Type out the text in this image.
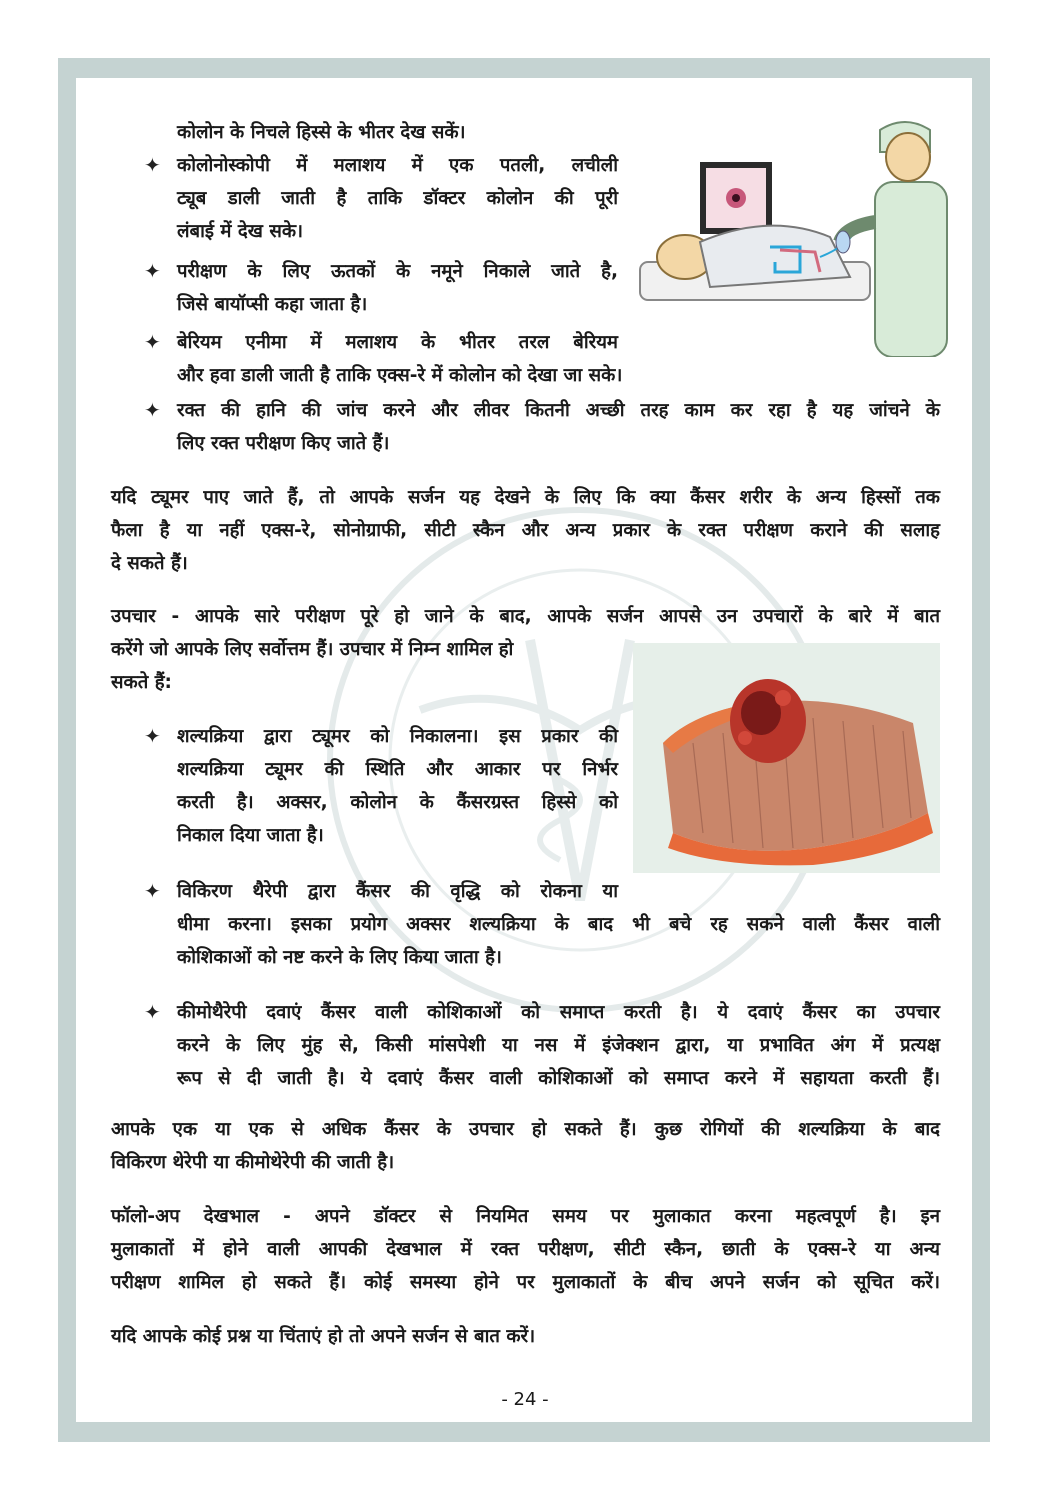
कोलोन के निचले हिस्से के भीतर देख सकें।
✦ कोलोनोस्कोपी में मलाशय में एक पतली, लचीली
ट्यूब डाली जाती है ताकि डॉक्टर कोलोन की पूरी
लंबाई में देख सके।
✦ परीक्षण के लिए ऊतकों के नमूने निकाले जाते है,
जिसे बायॉप्सी कहा जाता है।
✦ बेरियम एनीमा में मलाशय के भीतर तरल बेरियम
और हवा डाली जाती है ताकि एक्स-रे में कोलोन को देखा जा सके।
✦ रक्त की हानि की जांच करने और लीवर कितनी अच्छी तरह काम कर रहा है यह जांचने के
लिए रक्त परीक्षण किए जाते हैं।
यदि ट्यूमर पाए जाते हैं, तो आपके सर्जन यह देखने के लिए कि क्या कैंसर शरीर के अन्य हिस्सों तक
फैला है या नहीं एक्स-रे, सोनोग्राफी, सीटी स्कैन और अन्य प्रकार के रक्त परीक्षण कराने की सलाह
दे सकते हैं।
उपचार - आपके सारे परीक्षण पूरे हो जाने के बाद, आपके सर्जन आपसे उन उपचारों के बारे में बात
करेंगे जो आपके लिए सर्वोत्तम हैं। उपचार में निम्न शामिल हो
सकते हैं:
✦ शल्यक्रिया द्वारा ट्यूमर को निकालना। इस प्रकार की
शल्यक्रिया ट्यूमर की स्थिति और आकार पर निर्भर
करती है। अक्सर, कोलोन के कैंसरग्रस्त हिस्से को
निकाल दिया जाता है।
✦ विकिरण थैरेपी द्वारा कैंसर की वृद्धि को रोकना या
धीमा करना। इसका प्रयोग अक्सर शल्यक्रिया के बाद भी बचे रह सकने वाली कैंसर वाली
कोशिकाओं को नष्ट करने के लिए किया जाता है।
✦ कीमोथैरेपी दवाएं कैंसर वाली कोशिकाओं को समाप्त करती है। ये दवाएं कैंसर का उपचार
करने के लिए मुंह से, किसी मांसपेशी या नस में इंजेक्शन द्वारा, या प्रभावित अंग में प्रत्यक्ष
रूप से दी जाती है। ये दवाएं कैंसर वाली कोशिकाओं को समाप्त करने में सहायता करती हैं।
आपके एक या एक से अधिक कैंसर के उपचार हो सकते हैं। कुछ रोगियों की शल्यक्रिया के बाद
विकिरण थेरेपी या कीमोथेरेपी की जाती है।
फॉलो-अप देखभाल - अपने डॉक्टर से नियमित समय पर मुलाकात करना महत्वपूर्ण है। इन
मुलाकातों में होने वाली आपकी देखभाल में रक्त परीक्षण, सीटी स्कैन, छाती के एक्स-रे या अन्य
परीक्षण शामिल हो सकते हैं। कोई समस्या होने पर मुलाकातों के बीच अपने सर्जन को सूचित करें।
यदि आपके कोई प्रश्न या चिंताएं हो तो अपने सर्जन से बात करें।
- 24 -
